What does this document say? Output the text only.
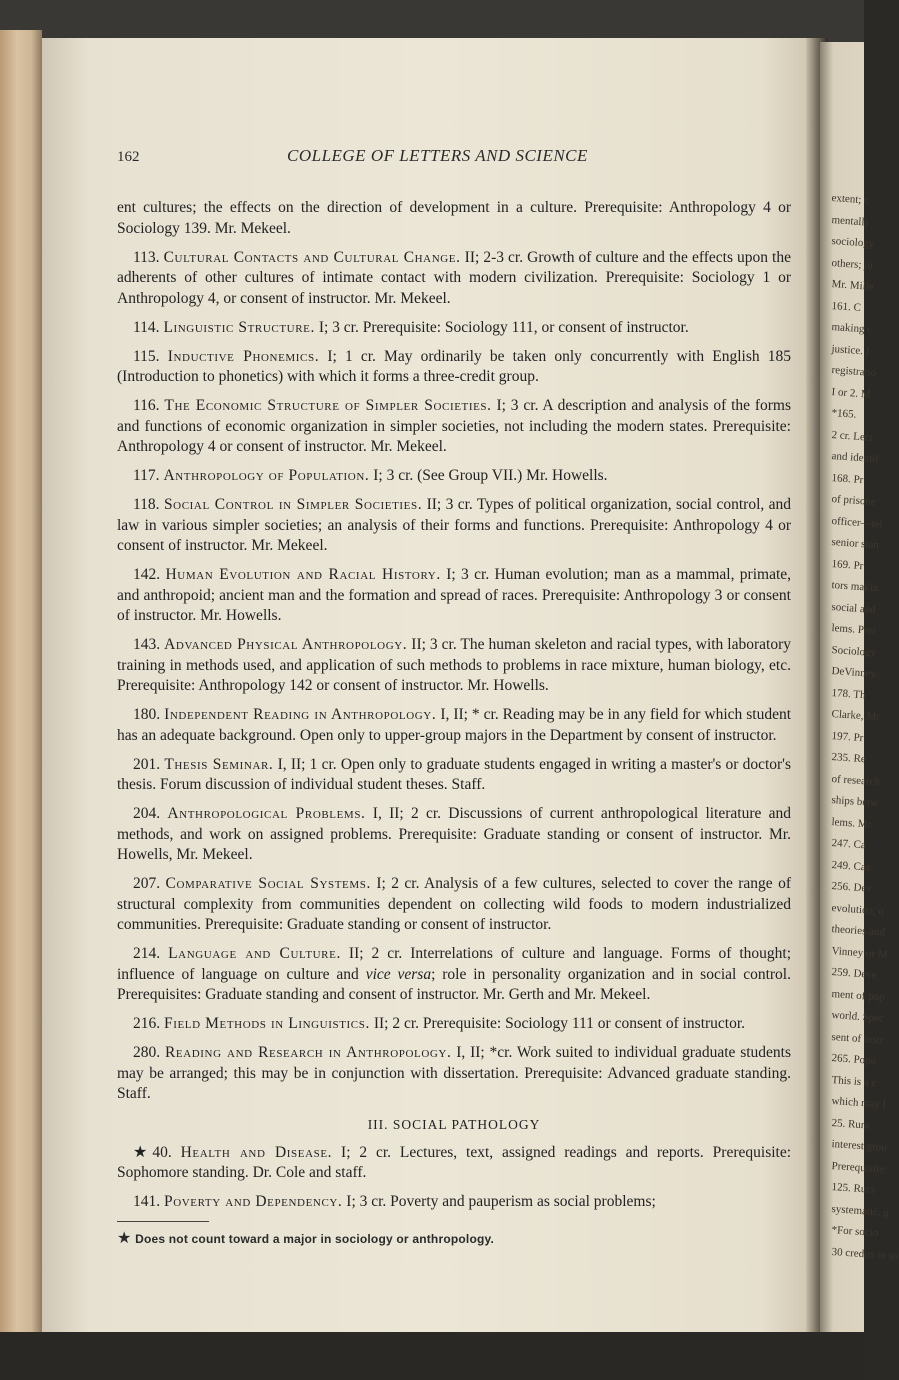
extent; c
mentally
sociology
others; ju
Mr. Mille
161. C
making c
justice. I
registratio
I or 2. M
*165.
2 cr. Lect
and identif
168. Pr
of prisone
officer—tel
senior stan
169. Pr
tors makin
social and
lems. Prer
Sociology
DeVinney.
178. Th
Clarke, Mr
197. Pr
235. Re
of research
ships betw
lems. Mr.
247. Ca
249. Cas
256. Dev
evolution, o
theories and
Vinney or M
259. Deve
ment of pop
world. Spec
sent of instr
265. Popu
This is a c
which may l
25. Rura
interest grou
Prerequisite:
125. Rura
systematic, g
*For socio
30 credits in so
162	COLLEGE OF LETTERS AND SCIENCE

ent cultures; the effects on the direction of development in a culture. Prerequisite: Anthropology 4 or Sociology 139. Mr. Mekeel.

113. Cultural Contacts and Cultural Change. II; 2-3 cr. Growth of culture and the effects upon the adherents of other cultures of intimate contact with modern civilization. Prerequisite: Sociology 1 or Anthropology 4, or consent of instructor. Mr. Mekeel.

114. Linguistic Structure. I; 3 cr. Prerequisite: Sociology 111, or consent of instructor.

115. Inductive Phonemics. I; 1 cr. May ordinarily be taken only concurrently with English 185 (Introduction to phonetics) with which it forms a three-credit group.

116. The Economic Structure of Simpler Societies. I; 3 cr. A description and analysis of the forms and functions of economic organization in simpler societies, not including the modern states. Prerequisite: Anthropology 4 or consent of instructor. Mr. Mekeel.

117. Anthropology of Population. I; 3 cr. (See Group VII.) Mr. Howells.

118. Social Control in Simpler Societies. II; 3 cr. Types of political organization, social control, and law in various simpler societies; an analysis of their forms and functions. Prerequisite: Anthropology 4 or consent of instructor. Mr. Mekeel.

142. Human Evolution and Racial History. I; 3 cr. Human evolution; man as a mammal, primate, and anthropoid; ancient man and the formation and spread of races. Prerequisite: Anthropology 3 or consent of instructor. Mr. Howells.

143. Advanced Physical Anthropology. II; 3 cr. The human skeleton and racial types, with laboratory training in methods used, and application of such methods to problems in race mixture, human biology, etc. Prerequisite: Anthropology 142 or consent of instructor. Mr. Howells.

180. Independent Reading in Anthropology. I, II; * cr. Reading may be in any field for which student has an adequate background. Open only to upper-group majors in the Department by consent of instructor.

201. Thesis Seminar. I, II; 1 cr. Open only to graduate students engaged in writing a master's or doctor's thesis. Forum discussion of individual student theses. Staff.

204. Anthropological Problems. I, II; 2 cr. Discussions of current anthropological literature and methods, and work on assigned problems. Prerequisite: Graduate standing or consent of instructor. Mr. Howells, Mr. Mekeel.

207. Comparative Social Systems. I; 2 cr. Analysis of a few cultures, selected to cover the range of structural complexity from communities dependent on collecting wild foods to modern industrialized communities. Prerequisite: Graduate standing or consent of instructor.

214. Language and Culture. II; 2 cr. Interrelations of culture and language. Forms of thought; influence of language on culture and vice versa; role in personality organization and in social control. Prerequisites: Graduate standing and consent of instructor. Mr. Gerth and Mr. Mekeel.

216. Field Methods in Linguistics. II; 2 cr. Prerequisite: Sociology 111 or consent of instructor.

280. Reading and Research in Anthropology. I, II; *cr. Work suited to individual graduate students may be arranged; this may be in conjunction with dissertation. Prerequisite: Advanced graduate standing. Staff.

III. SOCIAL PATHOLOGY

★40. Health and Disease. I; 2 cr. Lectures, text, assigned readings and reports. Prerequisite: Sophomore standing. Dr. Cole and staff.

141. Poverty and Dependency. I; 3 cr. Poverty and pauperism as social problems;

★ Does not count toward a major in sociology or anthropology.
